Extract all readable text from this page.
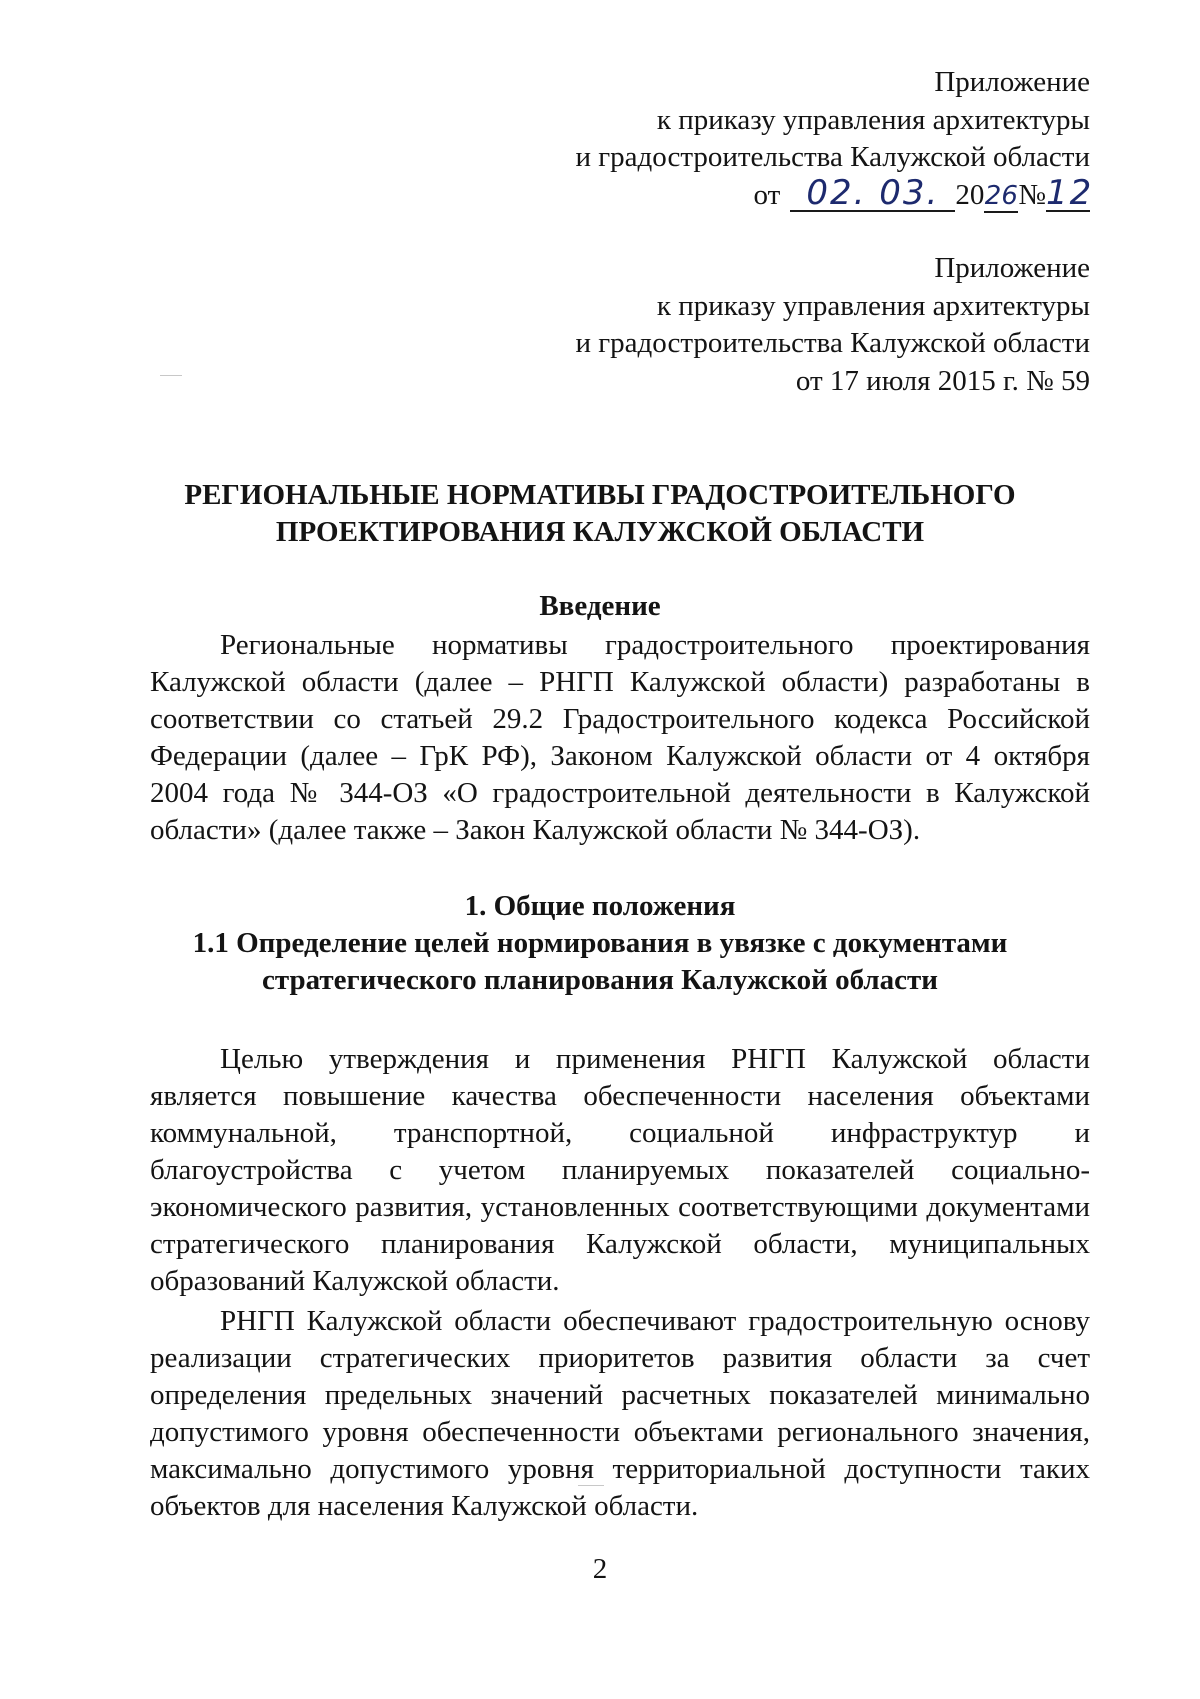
Приложение
к приказу управления архитектуры
и градостроительства Калужской области
от 02. 03. 20 26 № 12
Приложение
к приказу управления архитектуры
и градостроительства Калужской области
от 17 июля 2015 г. № 59
РЕГИОНАЛЬНЫЕ НОРМАТИВЫ ГРАДОСТРОИТЕЛЬНОГО
ПРОЕКТИРОВАНИЯ КАЛУЖСКОЙ ОБЛАСТИ
Введение
Региональные нормативы градостроительного проектирования Калужской области (далее – РНГП Калужской области) разработаны в соответствии со статьей 29.2 Градостроительного кодекса Российской Федерации (далее – ГрК РФ), Законом Калужской области от 4 октября 2004 года № 344-ОЗ «О градостроительной деятельности в Калужской области» (далее также – Закон Калужской области № 344-ОЗ).
1. Общие положения
1.1 Определение целей нормирования в увязке с документами
стратегического планирования Калужской области
Целью утверждения и применения РНГП Калужской области является повышение качества обеспеченности населения объектами коммунальной, транспортной, социальной инфраструктур и благоустройства с учетом планируемых показателей социально-экономического развития, установленных соответствующими документами стратегического планирования Калужской области, муниципальных образований Калужской области.
РНГП Калужской области обеспечивают градостроительную основу реализации стратегических приоритетов развития области за счет определения предельных значений расчетных показателей минимально допустимого уровня обеспеченности объектами регионального значения, максимально допустимого уровня территориальной доступности таких объектов для населения Калужской области.
2
